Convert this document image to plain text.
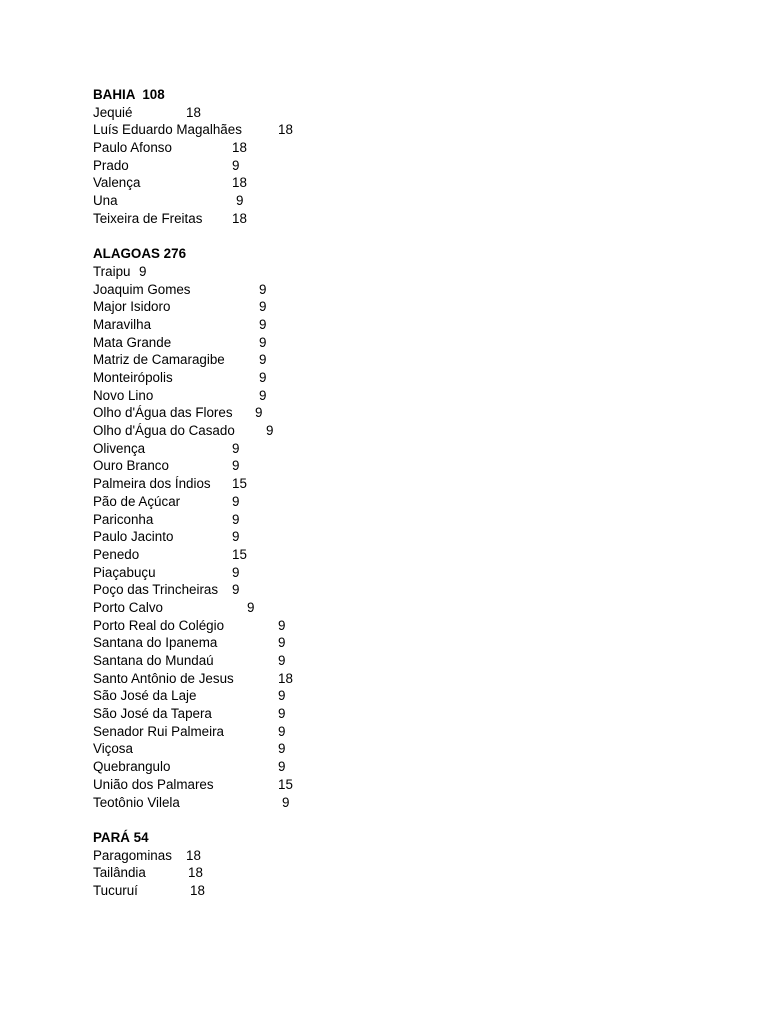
BAHIA  108
Jequié	18
Luís Eduardo Magalhães	18
Paulo Afonso	18
Prado	9
Valença	18
Una	9
Teixeira de Freitas 18
ALAGOAS 276
Traipu 9
Joaquim Gomes	9
Major Isidoro	9
Maravilha	9
Mata Grande	9
Matriz de Camaragibe	9
Monteirópolis	9
Novo Lino	9
Olho d'Água das Flores 9
Olho d'Água do Casado 9
Olivença	9
Ouro Branco	9
Palmeira dos Índios 15
Pão de Açúcar	9
Pariconha	9
Paulo Jacinto	9
Penedo	15
Piaçabuçu	9
Poço das Trincheiras 9
Porto Calvo	9
Porto Real do Colégio	9
Santana do Ipanema	9
Santana do Mundaú	9
Santo Antônio de Jesus	18
São José da Laje	9
São José da Tapera	9
Senador Rui Palmeira	9
Viçosa	9
Quebrangulo	9
União dos Palmares	15
Teotônio Vilela	9
PARÁ 54
Paragominas 18
Tailândia	18
Tucuruí	18
